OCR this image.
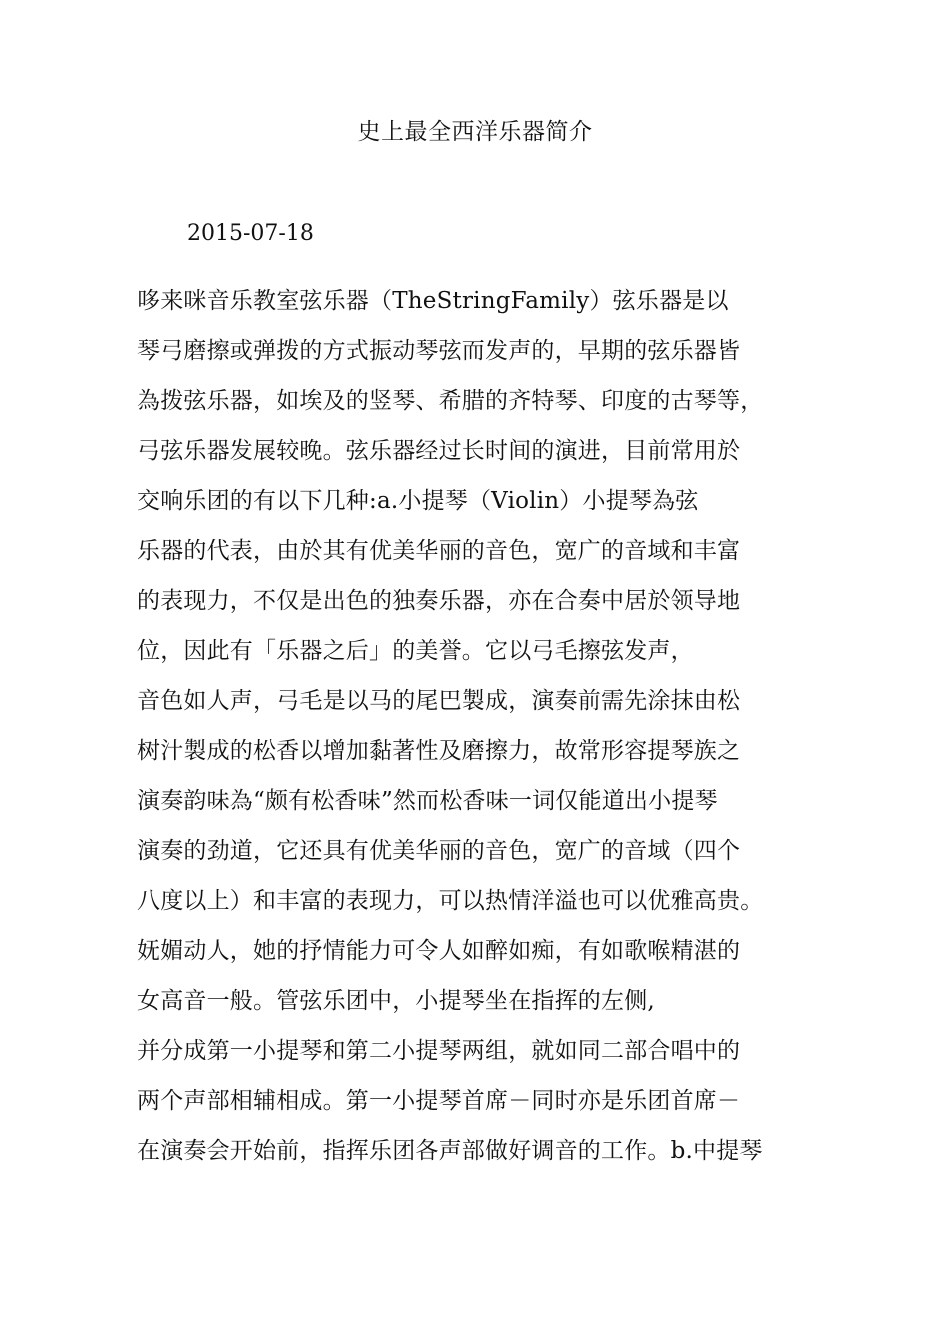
史上最全西洋乐器简介
2015-07-18
哆来咪音乐教室弦乐器（TheStringFamily）弦乐器是以
琴弓磨擦或弹拨的方式振动琴弦而发声的，早期的弦乐器皆
為拨弦乐器，如埃及的竖琴、希腊的齐特琴、印度的古琴等，
弓弦乐器发展较晚。弦乐器经过长时间的演进，目前常用於
交响乐团的有以下几种:a.小提琴（Violin）小提琴為弦
乐器的代表，由於其有优美华丽的音色，宽广的音域和丰富
的表现力，不仅是出色的独奏乐器，亦在合奏中居於领导地
位，因此有「乐器之后」的美誉。它以弓毛擦弦发声，
音色如人声，弓毛是以马的尾巴製成，演奏前需先涂抹由松
树汁製成的松香以增加黏著性及磨擦力，故常形容提琴族之
演奏韵味為“颇有松香味”然而松香味一词仅能道出小提琴
演奏的劲道，它还具有优美华丽的音色，宽广的音域（四个
八度以上）和丰富的表现力，可以热情洋溢也可以优雅高贵。
妩媚动人，她的抒情能力可令人如醉如痴，有如歌喉精湛的
女高音一般。管弦乐团中，小提琴坐在指挥的左侧,
并分成第一小提琴和第二小提琴两组，就如同二部合唱中的
两个声部相辅相成。第一小提琴首席－同时亦是乐团首席－
在演奏会开始前，指挥乐团各声部做好调音的工作。b.中提琴
